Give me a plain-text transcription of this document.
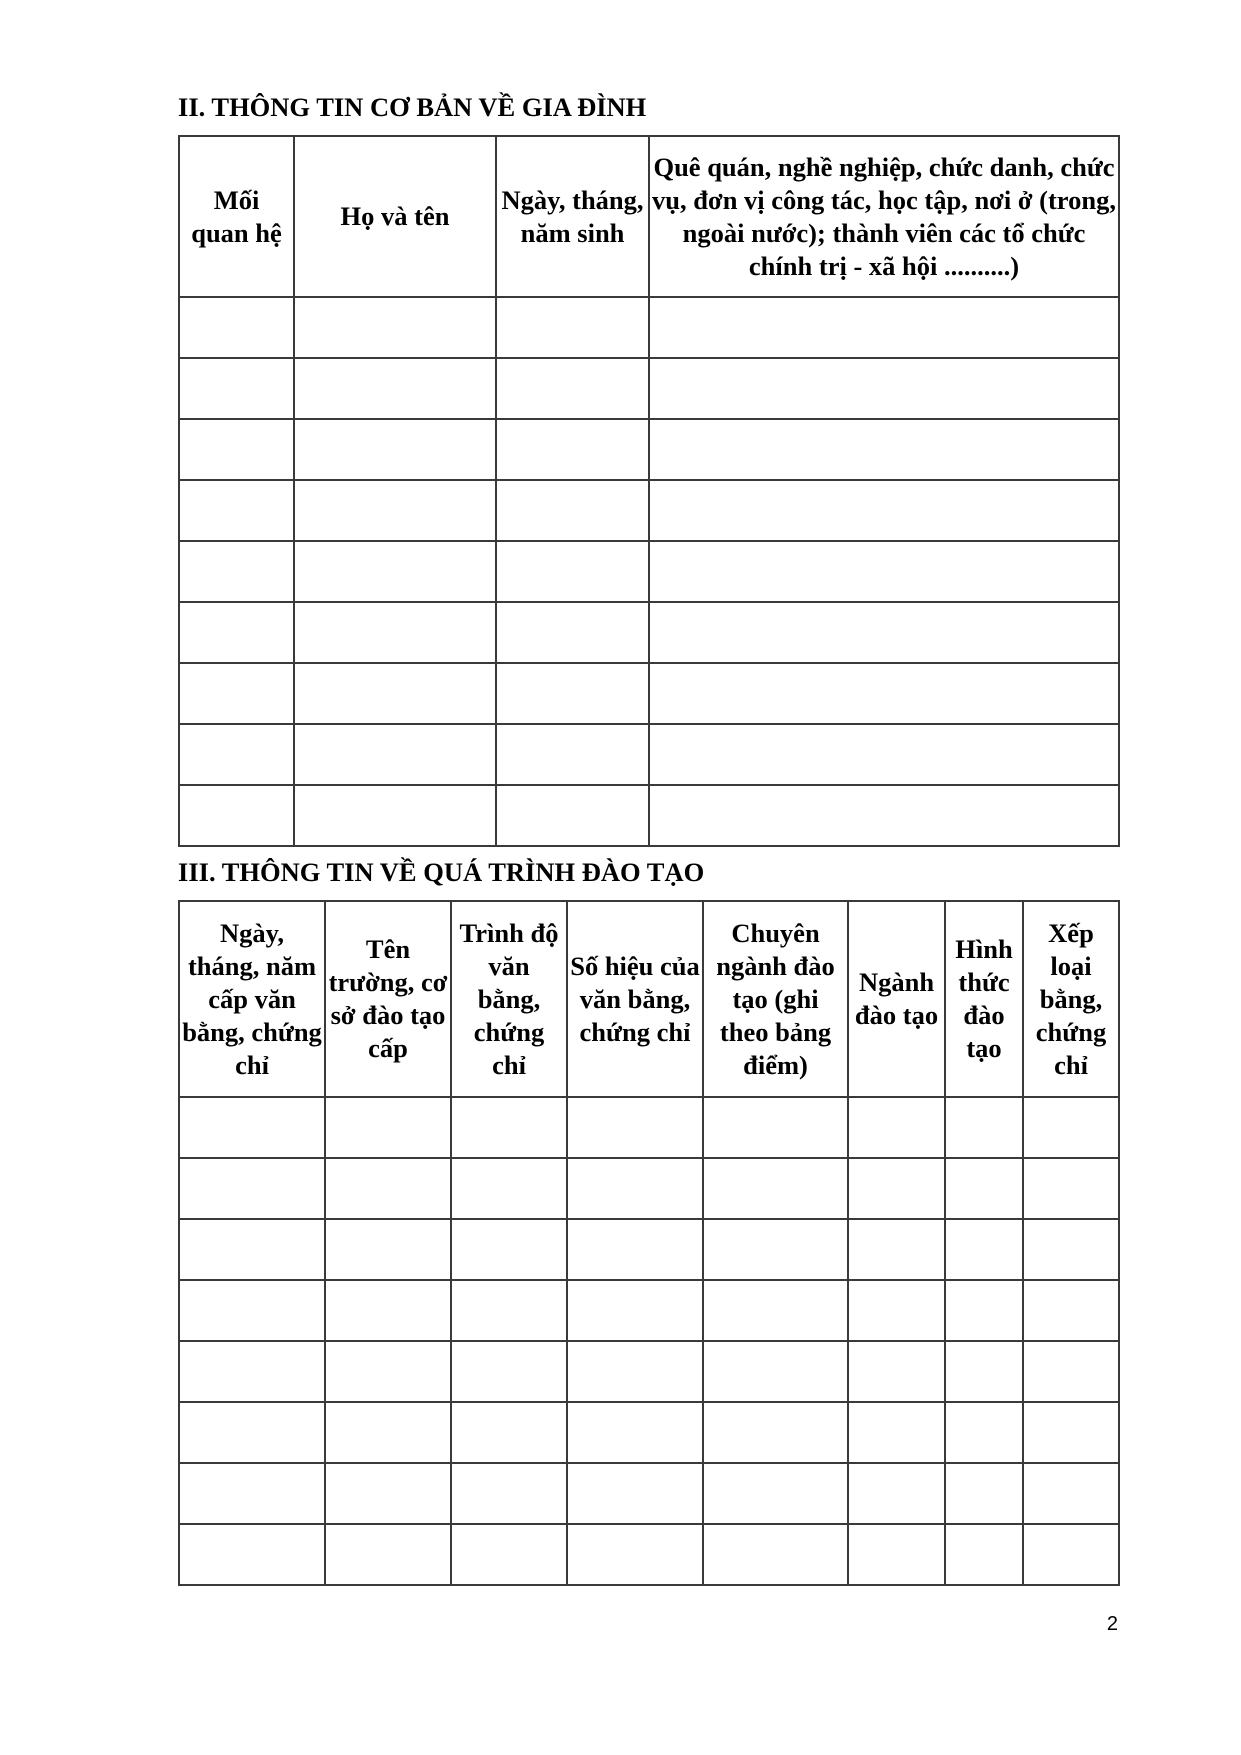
II. THÔNG TIN CƠ BẢN VỀ GIA ĐÌNH
Mối quan hệ	Họ và tên	Ngày, tháng, năm sinh	Quê quán, nghề nghiệp, chức danh, chức vụ, đơn vị công tác, học tập, nơi ở (trong, ngoài nước); thành viên các tổ chức chính trị - xã hội ..........)

III. THÔNG TIN VỀ QUÁ TRÌNH ĐÀO TẠO
Ngày, tháng, năm cấp văn bằng, chứng chỉ	Tên trường, cơ sở đào tạo cấp	Trình độ văn bằng, chứng chỉ	Số hiệu của văn bằng, chứng chỉ	Chuyên ngành đào tạo (ghi theo bảng điểm)	Ngành đào tạo	Hình thức đào tạo	Xếp loại bằng, chứng chỉ

2
